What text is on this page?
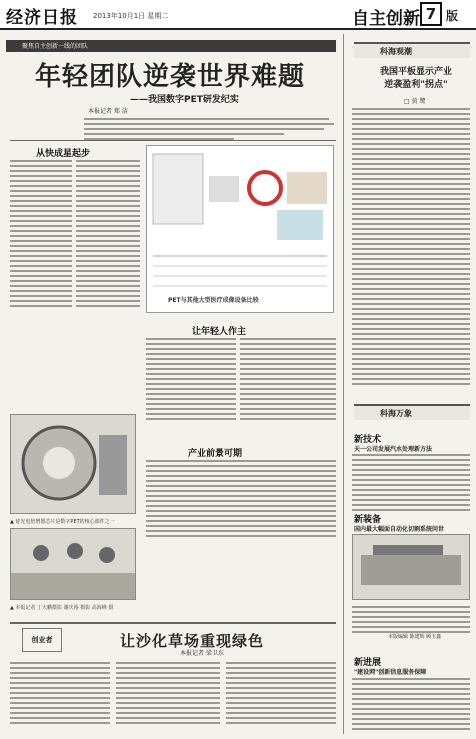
经济日报 2013年10月1日 星期二	自主创新 7 版
聚焦自主创新一线的团队
年轻团队逆袭世界难题
——我国数字PET研发纪实
本报记者 郑 洁
从快成星起步
PET与其他大型医疗成像设备比较
让年轻人作主
产业前景可期
▲ 硅光电倍增器芯片是数字PET的核心部件之一
▲ 本报记者 丁大鹏摄影 谢庆裕 摄影 高海峰 摄
科海观潮
我国平板显示产业
逆袭盈利"拐点"
□ 黄 鹭
科海万象
新技术
天一公司发展汽水处理新方法
新装备
国内最大幅面自动化切割系统问世
本版编辑 陈建辉 顾玉鑫
新进展
"建设网"创新信息服务保障
创业者	让沙化草场重现绿色
本报记者 梁卫东
